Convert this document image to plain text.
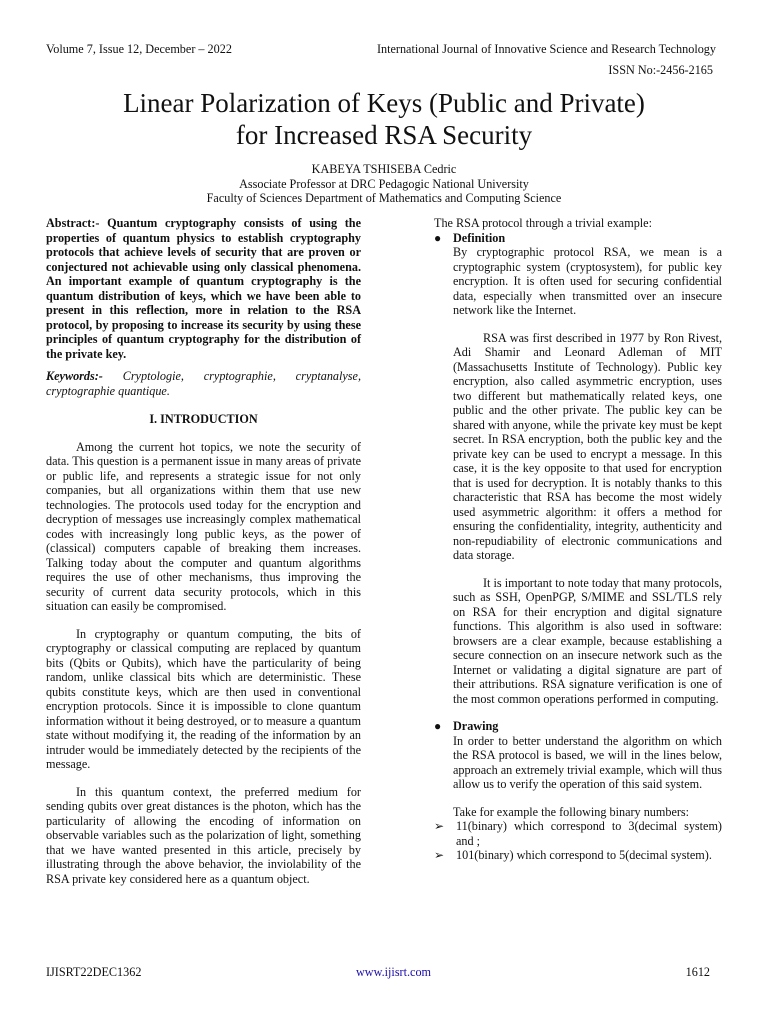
Volume 7, Issue 12, December – 2022	International Journal of Innovative Science and Research Technology
ISSN No:-2456-2165
Linear Polarization of Keys (Public and Private)
for Increased RSA Security
KABEYA TSHISEBA Cedric
Associate Professor at DRC Pedagogic National University
Faculty of Sciences Department of Mathematics and Computing Science

Abstract:- Quantum cryptography consists of using the properties of quantum physics to establish cryptography protocols that achieve levels of security that are proven or conjectured not achievable using only classical phenomena. An important example of quantum cryptography is the quantum distribution of keys, which we have been able to present in this reflection, more in relation to the RSA protocol, by proposing to increase its security by using these principles of quantum cryptography for the distribution of the private key.

Keywords:- Cryptologie, cryptographie, cryptanalyse, cryptographie quantique.

I. INTRODUCTION

Among the current hot topics, we note the security of data. This question is a permanent issue in many areas of private or public life, and represents a strategic issue for not only companies, but all organizations within them that use new technologies. The protocols used today for the encryption and decryption of messages use increasingly complex mathematical codes with increasingly long public keys, as the power of (classical) computers capable of breaking them increases. Talking today about the computer and quantum algorithms requires the use of other mechanisms, thus improving the security of current data security protocols, which in this situation can easily be compromised.

In cryptography or quantum computing, the bits of cryptography or classical computing are replaced by quantum bits (Qbits or Qubits), which have the particularity of being random, unlike classical bits which are deterministic. These qubits constitute keys, which are then used in conventional encryption protocols. Since it is impossible to clone quantum information without it being destroyed, or to measure a quantum state without modifying it, the reading of the information by an intruder would be immediately detected by the recipients of the message.

In this quantum context, the preferred medium for sending qubits over great distances is the photon, which has the particularity of allowing the encoding of information on observable variables such as the polarization of light, something that we have wanted presented in this article, precisely by illustrating through the above behavior, the inviolability of the RSA private key considered here as a quantum object.

The RSA protocol through a trivial example:

● Definition

By cryptographic protocol RSA, we mean is a cryptographic system (cryptosystem), for public key encryption. It is often used for securing confidential data, especially when transmitted over an insecure network like the Internet.

RSA was first described in 1977 by Ron Rivest, Adi Shamir and Leonard Adleman of MIT (Massachusetts Institute of Technology). Public key encryption, also called asymmetric encryption, uses two different but mathematically related keys, one public and the other private. The public key can be shared with anyone, while the private key must be kept secret. In RSA encryption, both the public key and the private key can be used to encrypt a message. In this case, it is the key opposite to that used for encryption that is used for decryption. It is notably thanks to this characteristic that RSA has become the most widely used asymmetric algorithm: it offers a method for ensuring the confidentiality, integrity, authenticity and non-repudiability of electronic communications and data storage.

It is important to note today that many protocols, such as SSH, OpenPGP, S/MIME and SSL/TLS rely on RSA for their encryption and digital signature functions. This algorithm is also used in software: browsers are a clear example, because establishing a secure connection on an insecure network such as the Internet or validating a digital signature are part of their attributions. RSA signature verification is one of the most common operations performed in computing.

● Drawing

In order to better understand the algorithm on which the RSA protocol is based, we will in the lines below, approach an extremely trivial example, which will thus allow us to verify the operation of this said system.

Take for example the following binary numbers:

➢ 11(binary) which correspond to 3(decimal system) and ;
➢ 101(binary) which correspond to 5(decimal system).
IJISRT22DEC1362	www.ijisrt.com	1612
